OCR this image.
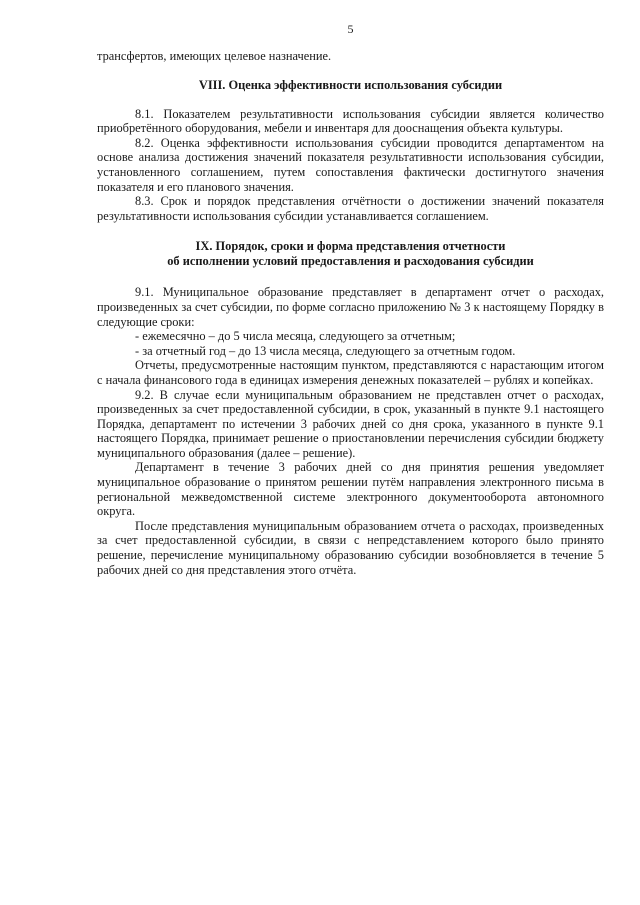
5

трансфертов, имеющих целевое назначение.

VIII. Оценка эффективности использования субсидии

8.1. Показателем результативности использования субсидии является количество приобретённого оборудования, мебели и инвентаря для дооснащения объекта культуры.

8.2. Оценка эффективности использования субсидии проводится департаментом на основе анализа достижения значений показателя результативности использования субсидии, установленного соглашением, путем сопоставления фактически достигнутого значения показателя и его планового значения.

8.3. Срок и порядок представления отчётности о достижении значений показателя результативности использования субсидии устанавливается соглашением.

IX. Порядок, сроки и форма представления отчетности
об исполнении условий предоставления и расходования субсидии

9.1. Муниципальное образование представляет в департамент отчет о расходах, произведенных за счет субсидии, по форме согласно приложению № 3 к настоящему Порядку в следующие сроки:

- ежемесячно – до 5 числа месяца, следующего за отчетным;

- за отчетный год – до 13 числа месяца, следующего за отчетным годом.

Отчеты, предусмотренные настоящим пунктом, представляются с нарастающим итогом с начала финансового года в единицах измерения денежных показателей – рублях и копейках.

9.2. В случае если муниципальным образованием не представлен отчет о расходах, произведенных за счет предоставленной субсидии, в срок, указанный в пункте 9.1 настоящего Порядка, департамент по истечении 3 рабочих дней со дня срока, указанного в пункте 9.1 настоящего Порядка, принимает решение о приостановлении перечисления субсидии бюджету муниципального образования (далее – решение).

Департамент в течение 3 рабочих дней со дня принятия решения уведомляет муниципальное образование о принятом решении путём направления электронного письма в региональной межведомственной системе электронного документооборота автономного округа.

После представления муниципальным образованием отчета о расходах, произведенных за счет предоставленной субсидии, в связи с непредставлением которого было принято решение, перечисление муниципальному образованию субсидии возобновляется в течение 5 рабочих дней со дня представления этого отчёта.
